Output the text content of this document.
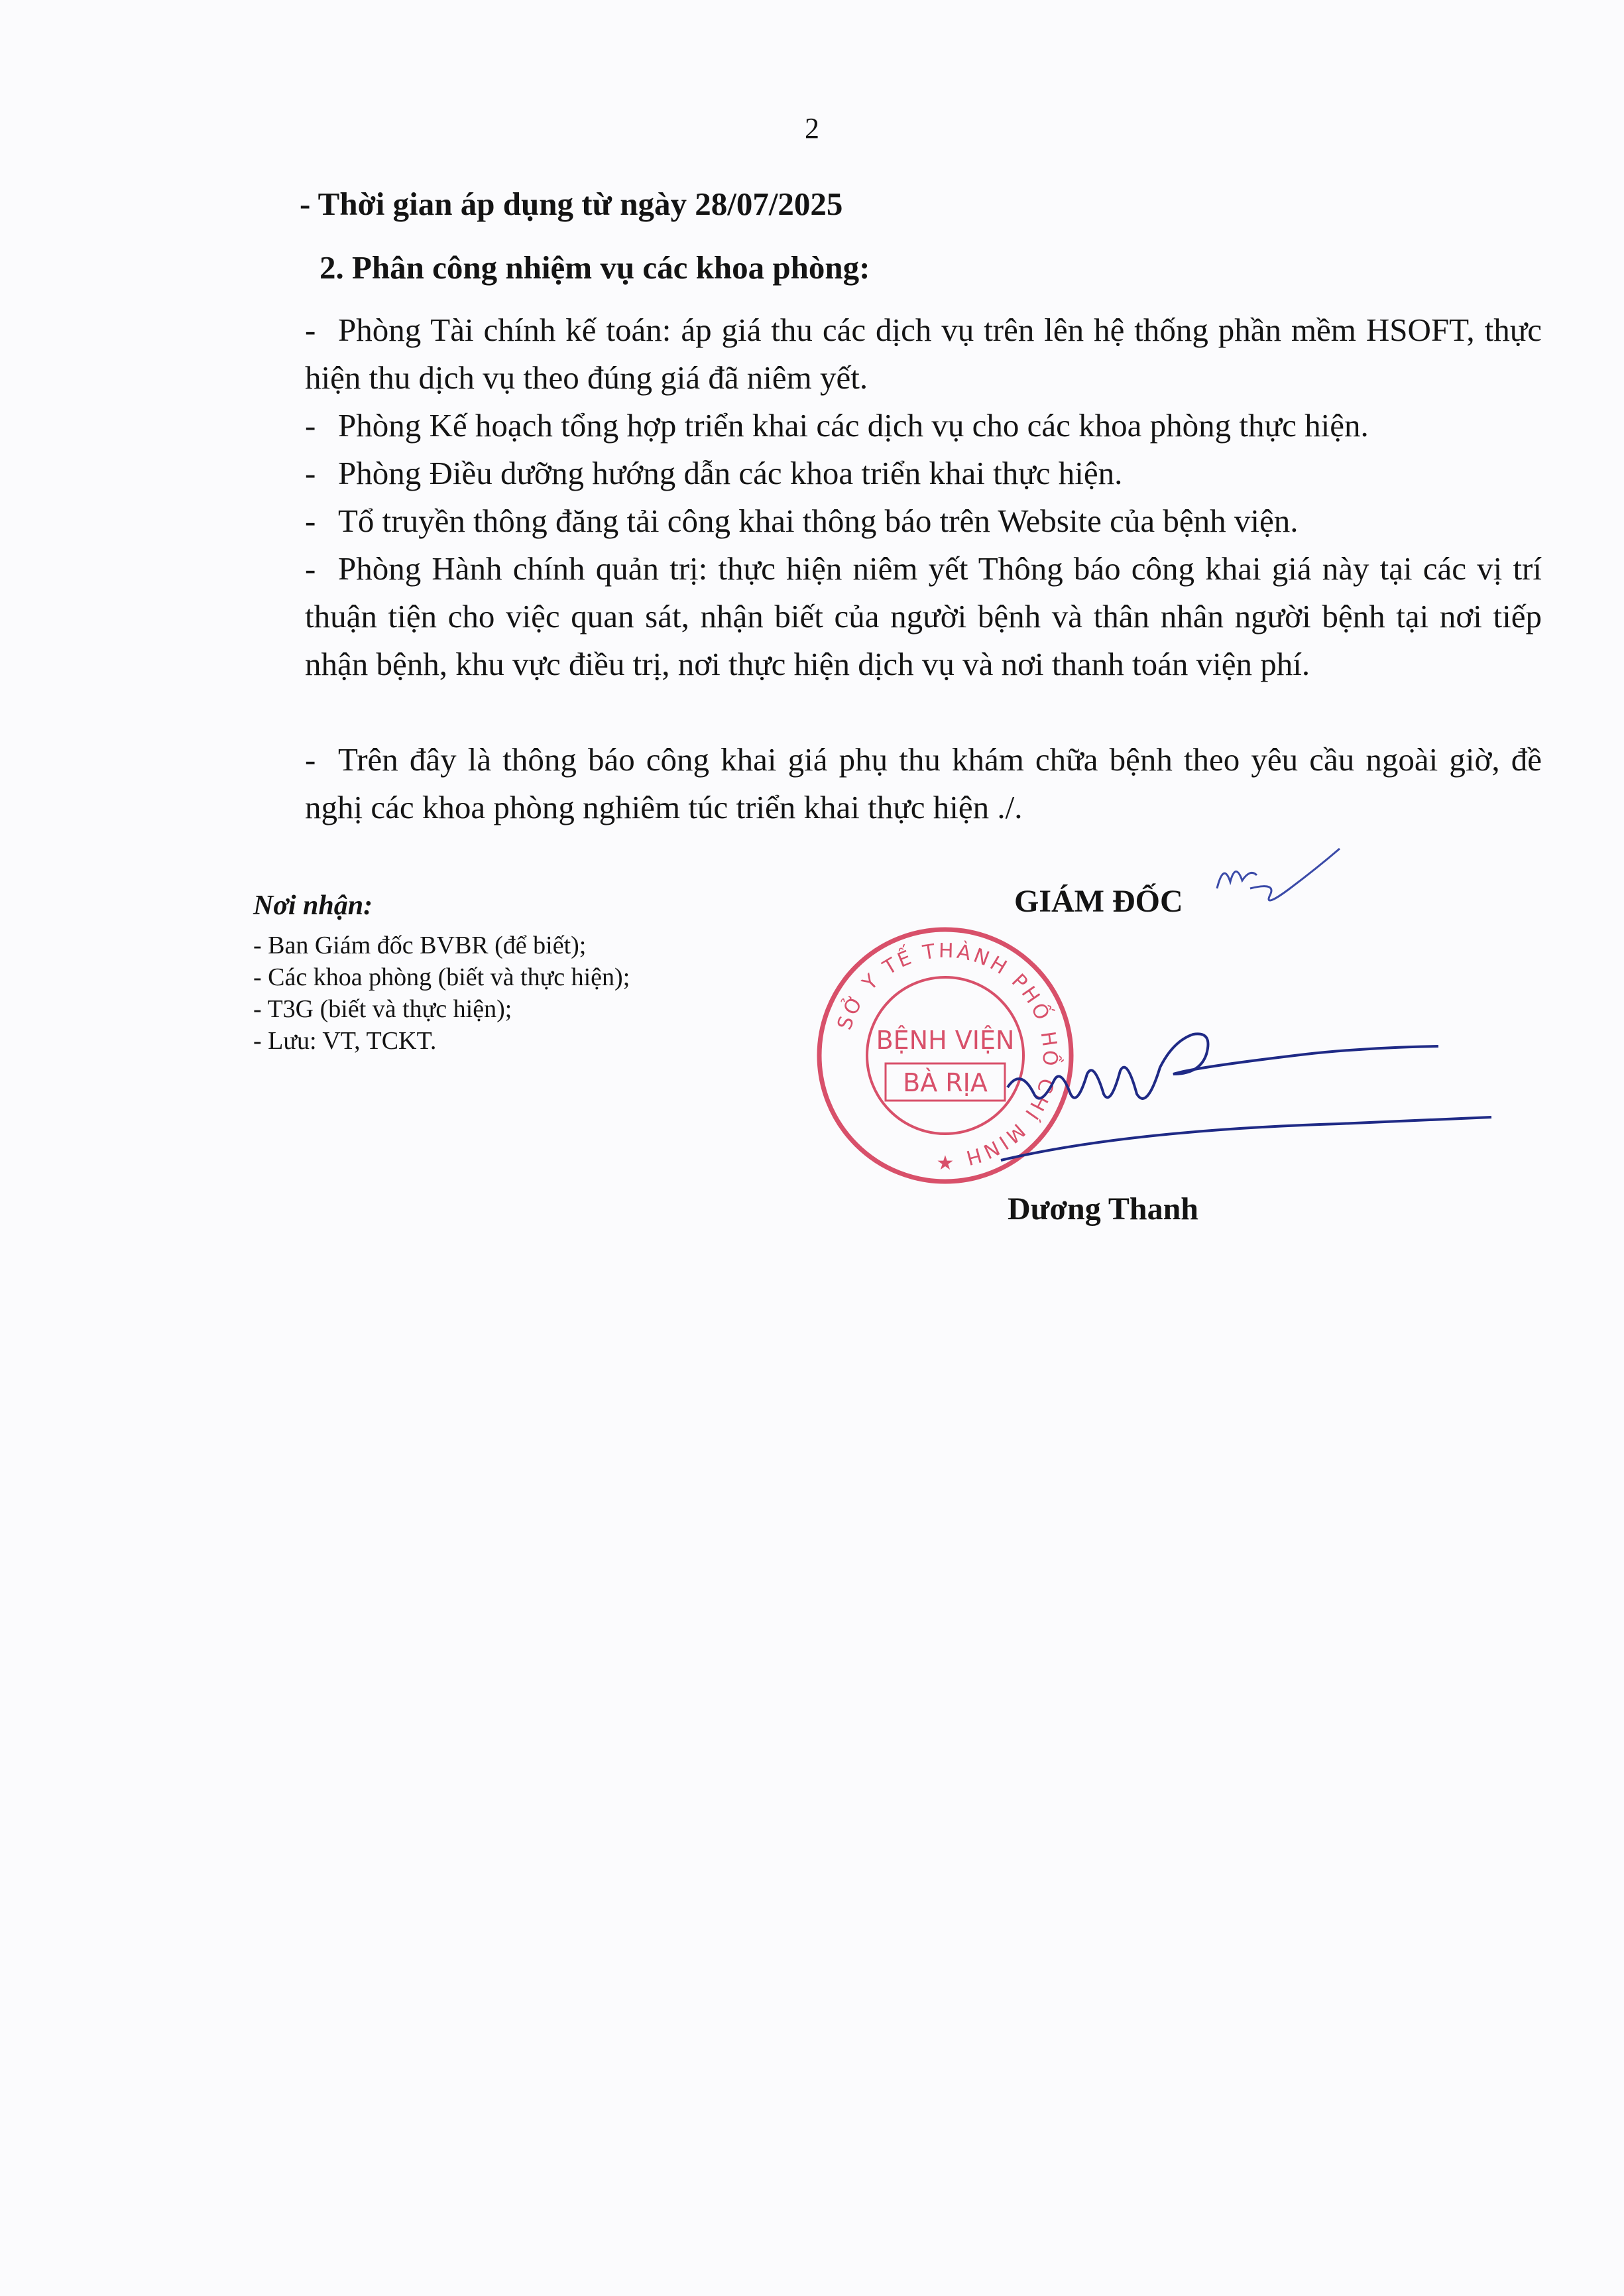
2
- Thời gian áp dụng từ ngày 28/07/2025
2. Phân công nhiệm vụ các khoa phòng:
- Phòng Tài chính kế toán: áp giá thu các dịch vụ trên lên hệ thống phần mềm HSOFT, thực hiện thu dịch vụ theo đúng giá đã niêm yết.
- Phòng Kế hoạch tổng hợp triển khai các dịch vụ cho các khoa phòng thực hiện.
- Phòng Điều dưỡng hướng dẫn các khoa triển khai thực hiện.
- Tổ truyền thông đăng tải công khai thông báo trên Website của bệnh viện.
- Phòng Hành chính quản trị: thực hiện niêm yết Thông báo công khai giá này tại các vị trí thuận tiện cho việc quan sát, nhận biết của người bệnh và thân nhân người bệnh tại nơi tiếp nhận bệnh, khu vực điều trị, nơi thực hiện dịch vụ và nơi thanh toán viện phí.
- Trên đây là thông báo công khai giá phụ thu khám chữa bệnh theo yêu cầu ngoài giờ, đề nghị các khoa phòng nghiêm túc triển khai thực hiện ./.
Nơi nhận:
- Ban Giám đốc BVBR (để biết);
- Các khoa phòng (biết và thực hiện);
- T3G (biết và thực hiện);
- Lưu: VT, TCKT.
GIÁM ĐỐC
SỞ Y TẾ THÀNH PHỐ HỒ CHÍ MINH
BỆNH VIỆN
BÀ RỊA
★
Dương Thanh
